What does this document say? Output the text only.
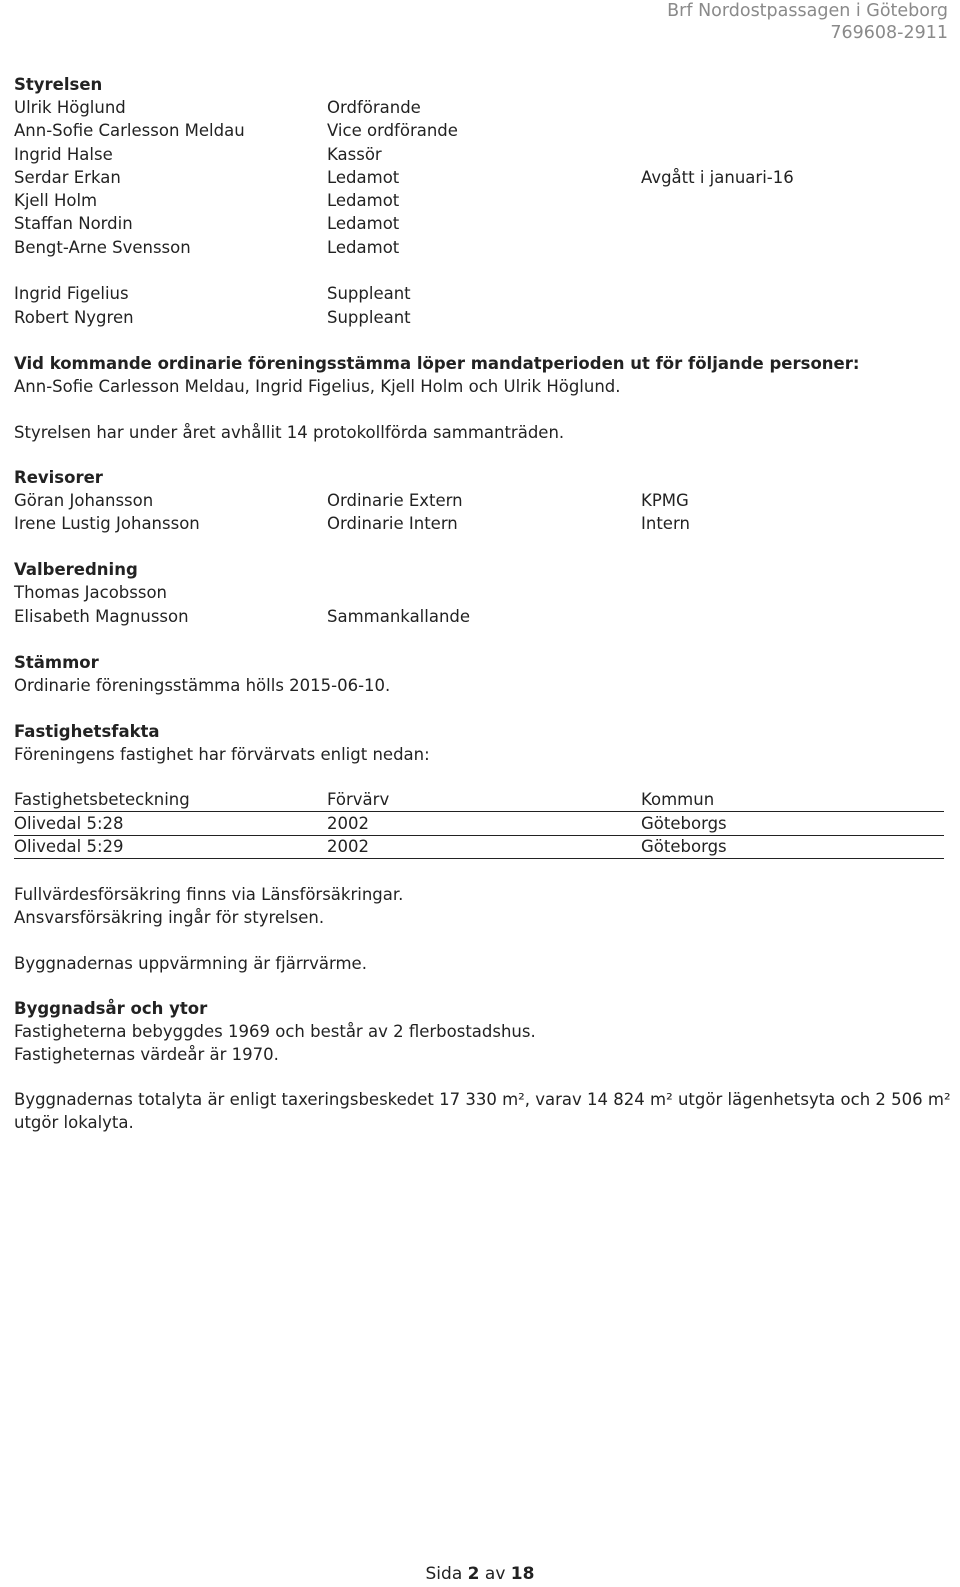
Brf Nordostpassagen i Göteborg
769608-2911
Styrelsen
Ulrik Höglund	Ordförande
Ann-Sofie Carlesson Meldau	Vice ordförande
Ingrid Halse	Kassör
Serdar Erkan	Ledamot	Avgått i januari-16
Kjell Holm	Ledamot
Staffan Nordin	Ledamot
Bengt-Arne Svensson	Ledamot
Ingrid Figelius	Suppleant
Robert Nygren	Suppleant
Vid kommande ordinarie föreningsstämma löper mandatperioden ut för följande personer:
Ann-Sofie Carlesson Meldau, Ingrid Figelius, Kjell Holm och Ulrik Höglund.
Styrelsen har under året avhållit 14 protokollförda sammanträden.
Revisorer
Göran Johansson	Ordinarie Extern	KPMG
Irene Lustig Johansson	Ordinarie Intern	Intern
Valberedning
Thomas Jacobsson
Elisabeth Magnusson	Sammankallande
Stämmor
Ordinarie föreningsstämma hölls 2015-06-10.
Fastighetsfakta
Föreningens fastighet har förvärvats enligt nedan:
Fastighetsbeteckning	Förvärv	Kommun
Olivedal 5:28	2002	Göteborgs
Olivedal 5:29	2002	Göteborgs
Fullvärdesförsäkring finns via Länsförsäkringar.
Ansvarsförsäkring ingår för styrelsen.
Byggnadernas uppvärmning är fjärrvärme.
Byggnadsår och ytor
Fastigheterna bebyggdes 1969 och består av 2 flerbostadshus.
Fastigheternas värdeår är 1970.
Byggnadernas totalyta är enligt taxeringsbeskedet 17 330 m², varav 14 824 m² utgör lägenhetsyta och 2 506 m²
utgör lokalyta.
Sida 2 av 18
